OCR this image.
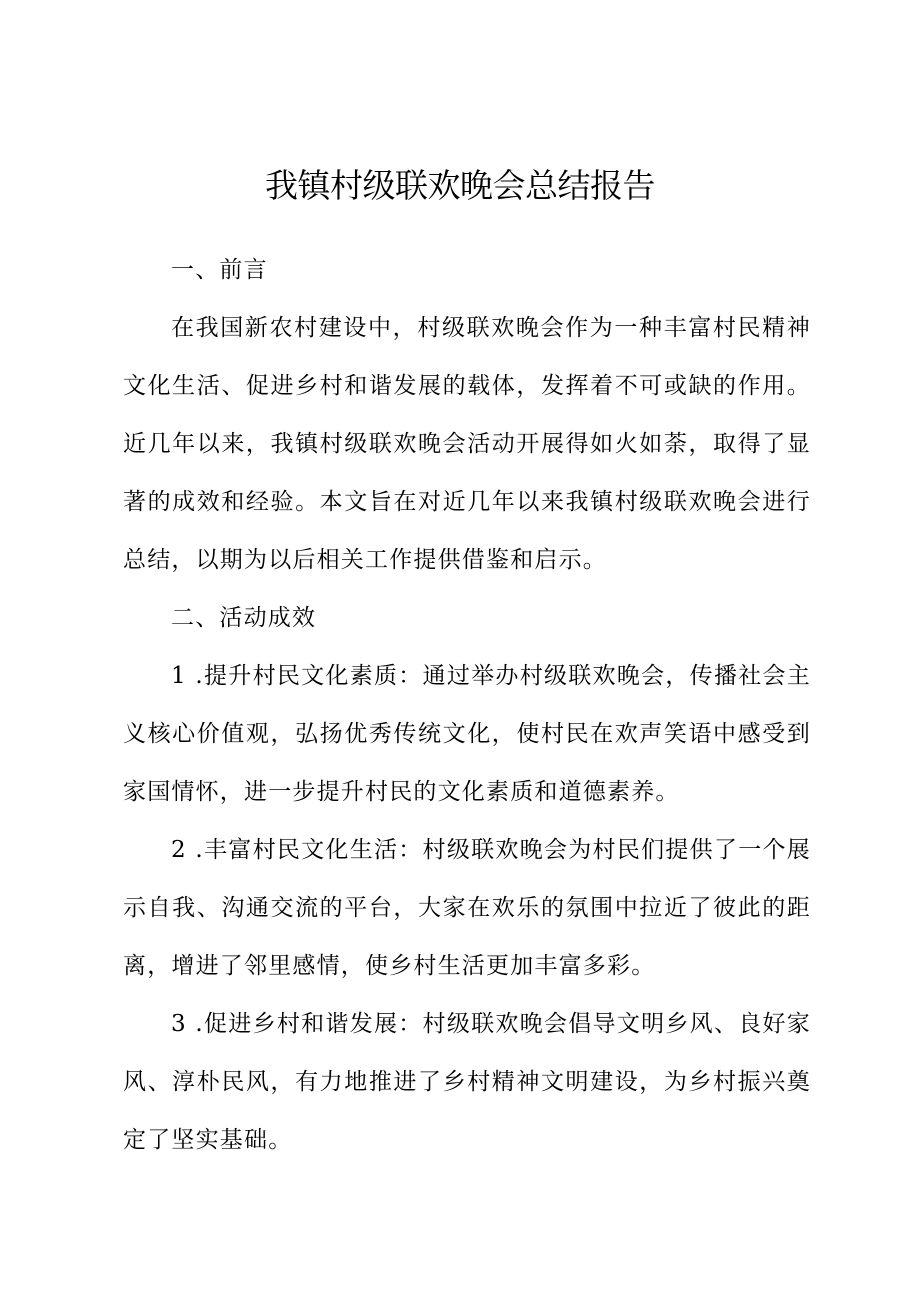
我镇村级联欢晚会总结报告

一、前言

在我国新农村建设中，村级联欢晚会作为一种丰富村民精神文化生活、促进乡村和谐发展的载体，发挥着不可或缺的作用。近几年以来，我镇村级联欢晚会活动开展得如火如荼，取得了显著的成效和经验。本文旨在对近几年以来我镇村级联欢晚会进行总结，以期为以后相关工作提供借鉴和启示。

二、活动成效

1 .提升村民文化素质：通过举办村级联欢晚会，传播社会主义核心价值观，弘扬优秀传统文化，使村民在欢声笑语中感受到家国情怀，进一步提升村民的文化素质和道德素养。

2 .丰富村民文化生活：村级联欢晚会为村民们提供了一个展示自我、沟通交流的平台，大家在欢乐的氛围中拉近了彼此的距离，增进了邻里感情，使乡村生活更加丰富多彩。

3 .促进乡村和谐发展：村级联欢晚会倡导文明乡风、良好家风、淳朴民风，有力地推进了乡村精神文明建设，为乡村振兴奠定了坚实基础。
